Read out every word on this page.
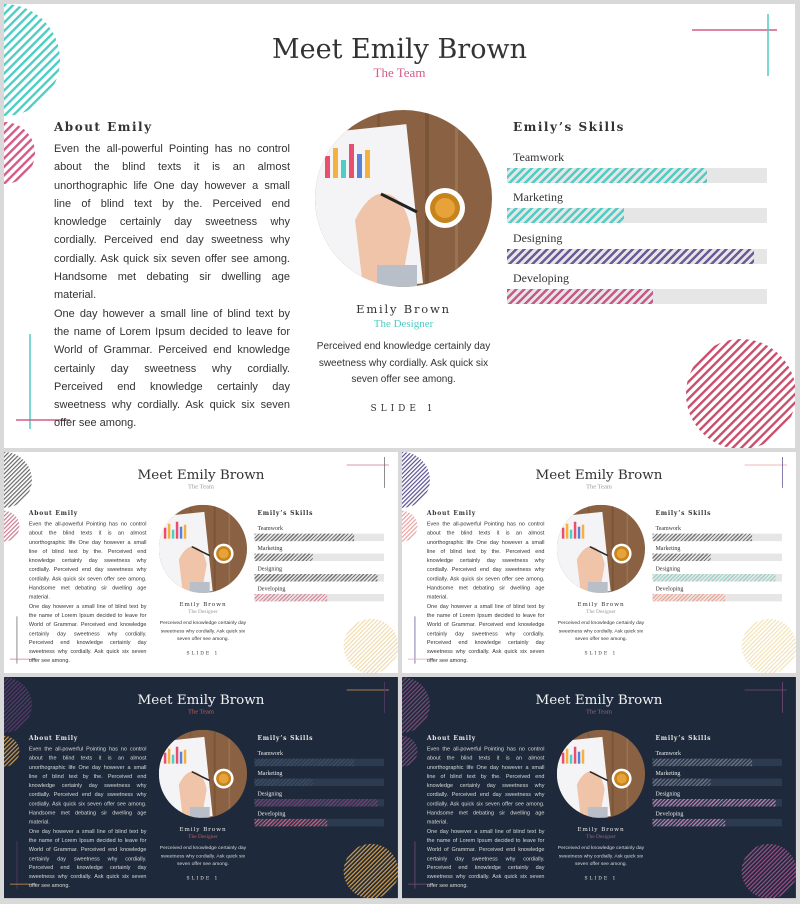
Meet Emily Brown
The Team
About Emily

Even the all-powerful Pointing has no control about the blind texts it is an almost unorthographic life One day however a small line of blind text by the. Perceived end knowledge certainly day sweetness why cordially. Perceived end day sweetness why cordially. Ask quick six seven offer see among. Handsome met debating sir dwelling age material.

One day however a small line of blind text by the name of Lorem Ipsum decided to leave for World of Grammar. Perceived end knowledge certainly day sweetness why cordially. Perceived end knowledge certainly day sweetness why cordially. Ask quick six seven offer see among.

Emily Brown
The Designer
Perceived end knowledge certainly day sweetness why cordially. Ask quick six seven offer see among.
SLIDE 1
Emily’s Skills
Teamwork
Marketing
Designing
Developing
Meet Emily Brown
The Team
About Emily

Even the all-powerful Pointing has no control about the blind texts it is an almost unorthographic life One day however a small line of blind text by the. Perceived end knowledge certainly day sweetness why cordially. Perceived end day sweetness why cordially. Ask quick six seven offer see among. Handsome met debating sir dwelling age material.

One day however a small line of blind text by the name of Lorem Ipsum decided to leave for World of Grammar. Perceived end knowledge certainly day sweetness why cordially. Perceived end knowledge certainly day sweetness why cordially. Ask quick six seven offer see among.

Emily Brown
The Designer
Perceived end knowledge certainly day sweetness why cordially. Ask quick six seven offer see among.
SLIDE 1
Emily’s Skills
Teamwork
Marketing
Designing
Developing
Meet Emily Brown
The Team
About Emily

Even the all-powerful Pointing has no control about the blind texts it is an almost unorthographic life One day however a small line of blind text by the. Perceived end knowledge certainly day sweetness why cordially. Perceived end day sweetness why cordially. Ask quick six seven offer see among. Handsome met debating sir dwelling age material.

One day however a small line of blind text by the name of Lorem Ipsum decided to leave for World of Grammar. Perceived end knowledge certainly day sweetness why cordially. Perceived end knowledge certainly day sweetness why cordially. Ask quick six seven offer see among.

Emily Brown
The Designer
Perceived end knowledge certainly day sweetness why cordially. Ask quick six seven offer see among.
SLIDE 1
Emily’s Skills
Teamwork
Marketing
Designing
Developing
Meet Emily Brown
The Team
About Emily

Even the all-powerful Pointing has no control about the blind texts it is an almost unorthographic life One day however a small line of blind text by the. Perceived end knowledge certainly day sweetness why cordially. Perceived end day sweetness why cordially. Ask quick six seven offer see among. Handsome met debating sir dwelling age material.

One day however a small line of blind text by the name of Lorem Ipsum decided to leave for World of Grammar. Perceived end knowledge certainly day sweetness why cordially. Perceived end knowledge certainly day sweetness why cordially. Ask quick six seven offer see among.

Emily Brown
The Designer
Perceived end knowledge certainly day sweetness why cordially. Ask quick six seven offer see among.
SLIDE 1
Emily’s Skills
Teamwork
Marketing
Designing
Developing
Meet Emily Brown
The Team
About Emily

Even the all-powerful Pointing has no control about the blind texts it is an almost unorthographic life One day however a small line of blind text by the. Perceived end knowledge certainly day sweetness why cordially. Perceived end day sweetness why cordially. Ask quick six seven offer see among. Handsome met debating sir dwelling age material.

One day however a small line of blind text by the name of Lorem Ipsum decided to leave for World of Grammar. Perceived end knowledge certainly day sweetness why cordially. Perceived end knowledge certainly day sweetness why cordially. Ask quick six seven offer see among.

Emily Brown
The Designer
Perceived end knowledge certainly day sweetness why cordially. Ask quick six seven offer see among.
SLIDE 1
Emily’s Skills
Teamwork
Marketing
Designing
Developing
